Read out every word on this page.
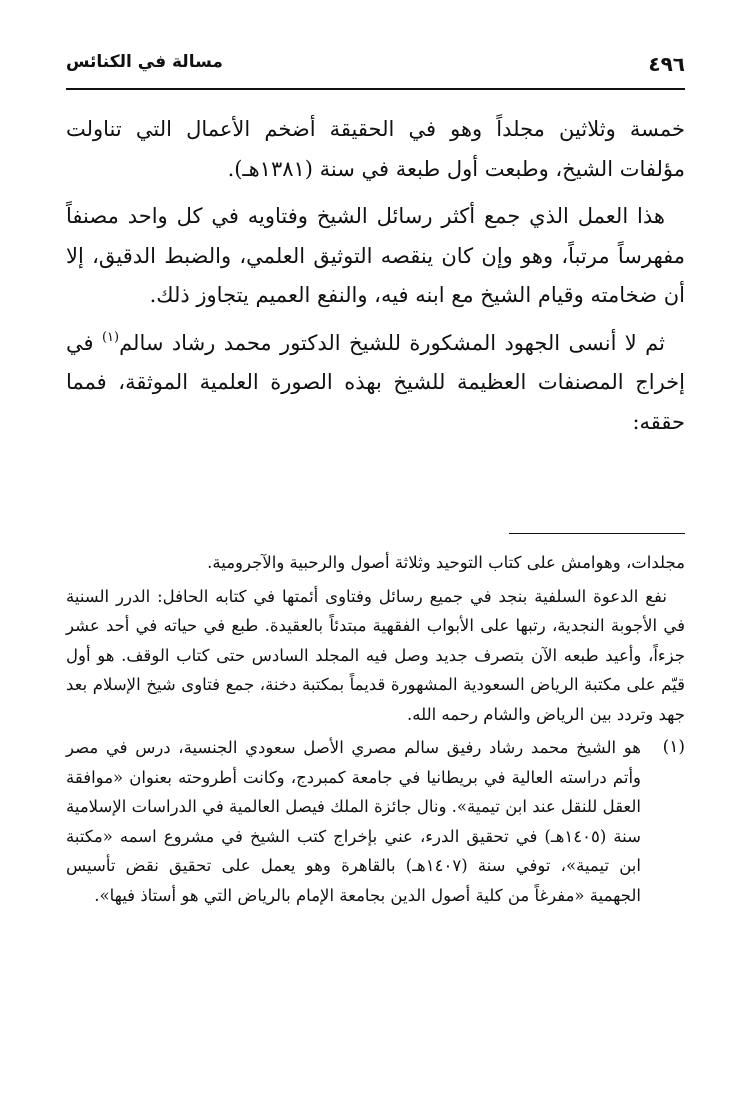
٤٩٦
مسالة في الكنائس

خمسة وثلاثين مجلداً وهو في الحقيقة أضخم الأعمال التي تناولت مؤلفات الشيخ، وطبعت أول طبعة في سنة (١٣٨١هـ).

هذا العمل الذي جمع أكثر رسائل الشيخ وفتاويه في كل واحد مصنفاً مفهرساً مرتباً، وهو وإن كان ينقصه التوثيق العلمي، والضبط الدقيق، إلا أن ضخامته وقيام الشيخ مع ابنه فيه، والنفع العميم يتجاوز ذلك.

ثم لا أنسى الجهود المشكورة للشيخ الدكتور محمد رشاد سالم$^{(١)}$ في إخراج المصنفات العظيمة للشيخ بهذه الصورة العلمية الموثقة، فمما حققه:

مجلدات، وهوامش على كتاب التوحيد وثلاثة أصول والرحبية والآجرومية.

نفع الدعوة السلفية بنجد في جميع رسائل وفتاوى أئمتها في كتابه الحافل: الدرر السنية في الأجوبة النجدية، رتبها على الأبواب الفقهية مبتدئاً بالعقيدة. طبع في حياته في أحد عشر جزءاً، وأعيد طبعه الآن بتصرف جديد وصل فيه المجلد السادس حتى كتاب الوقف. هو أول قيّم على مكتبة الرياض السعودية المشهورة قديماً بمكتبة دخنة، جمع فتاوى شيخ الإسلام بعد جهد وتردد بين الرياض والشام رحمه الله.

(١)
هو الشيخ محمد رشاد رفيق سالم مصري الأصل سعودي الجنسية، درس في مصر وأتم دراسته العالية في بريطانيا في جامعة كمبردج، وكانت أطروحته بعنوان «موافقة العقل للنقل عند ابن تيمية». ونال جائزة الملك فيصل العالمية في الدراسات الإسلامية سنة (١٤٠٥هـ) في تحقيق الدرء، عني بإخراج كتب الشيخ في مشروع اسمه «مكتبة ابن تيمية»، توفي سنة (١٤٠٧هـ) بالقاهرة وهو يعمل على تحقيق نقض تأسيس الجهمية «مفرغاً من كلية أصول الدين بجامعة الإمام بالرياض التي هو أستاذ فيها».
